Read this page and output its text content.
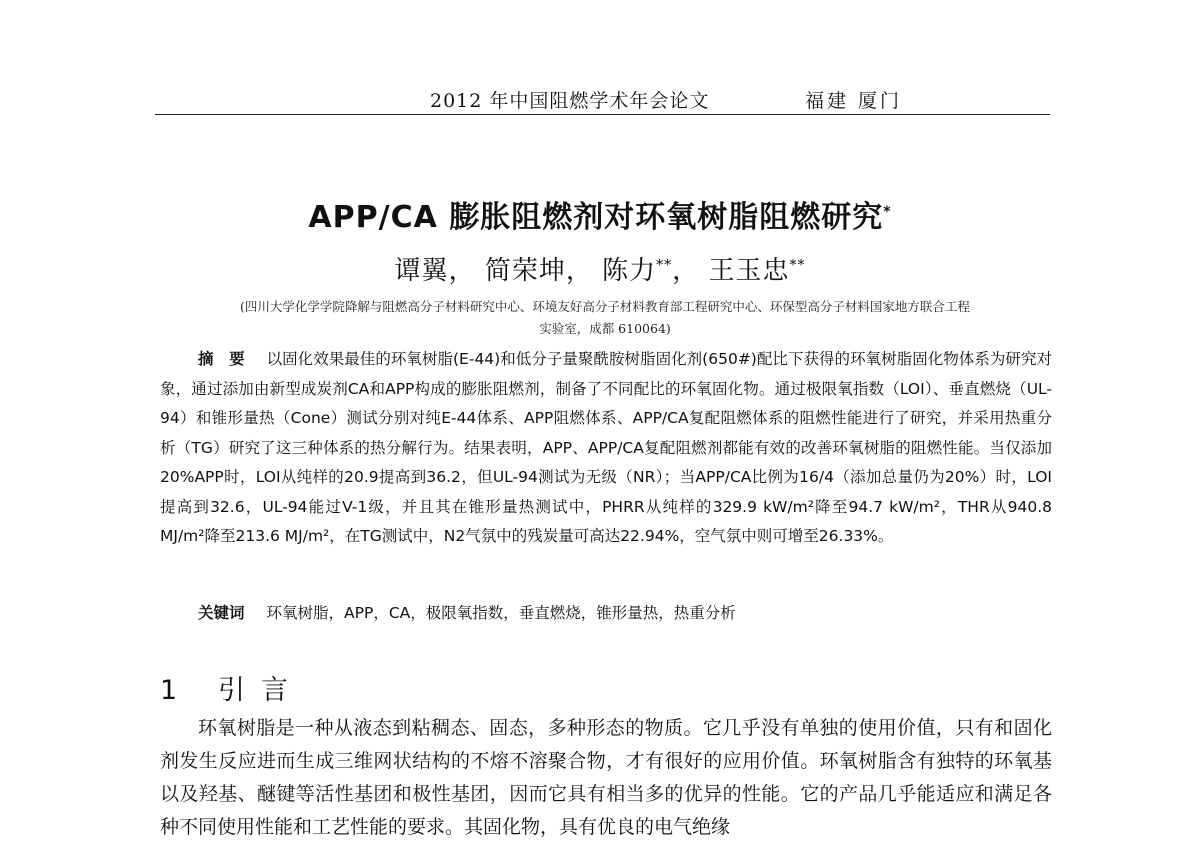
2012 年中国阻燃学术年会论文	福建 厦门
APP/CA 膨胀阻燃剂对环氧树脂阻燃研究*
谭翼， 简荣坤， 陈力**， 王玉忠**
(四川大学化学学院降解与阻燃高分子材料研究中心、环境友好高分子材料教育部工程研究中心、环保型高分子材料国家地方联合工程
实验室，成都 610064)
摘　要 以固化效果最佳的环氧树脂(E-44)和低分子量聚酰胺树脂固化剂(650#)配比下获得的环氧树脂固化物体系为研究对象，通过添加由新型成炭剂CA和APP构成的膨胀阻燃剂，制备了不同配比的环氧固化物。通过极限氧指数（LOI）、垂直燃烧（UL-94）和锥形量热（Cone）测试分别对纯E-44体系、APP阻燃体系、APP/CA复配阻燃体系的阻燃性能进行了研究，并采用热重分析（TG）研究了这三种体系的热分解行为。结果表明，APP、APP/CA复配阻燃剂都能有效的改善环氧树脂的阻燃性能。当仅添加20%APP时，LOI从纯样的20.9提高到36.2，但UL-94测试为无级（NR）；当APP/CA比例为16/4（添加总量仍为20%）时，LOI提高到32.6，UL-94能过V-1级，并且其在锥形量热测试中，PHRR从纯样的329.9 kW/m²降至94.7 kW/m²，THR从940.8 MJ/m²降至213.6 MJ/m²，在TG测试中，N2气氛中的残炭量可高达22.94%，空气氛中则可增至26.33%。
关键词 环氧树脂，APP，CA，极限氧指数，垂直燃烧，锥形量热，热重分析
1 引言
环氧树脂是一种从液态到粘稠态、固态，多种形态的物质。它几乎没有单独的使用价值，只有和固化剂发生反应进而生成三维网状结构的不熔不溶聚合物，才有很好的应用价值。环氧树脂含有独特的环氧基以及羟基、醚键等活性基团和极性基团，因而它具有相当多的优异的性能。它的产品几乎能适应和满足各种不同使用性能和工艺性能的要求。其固化物，具有优良的电气绝缘
